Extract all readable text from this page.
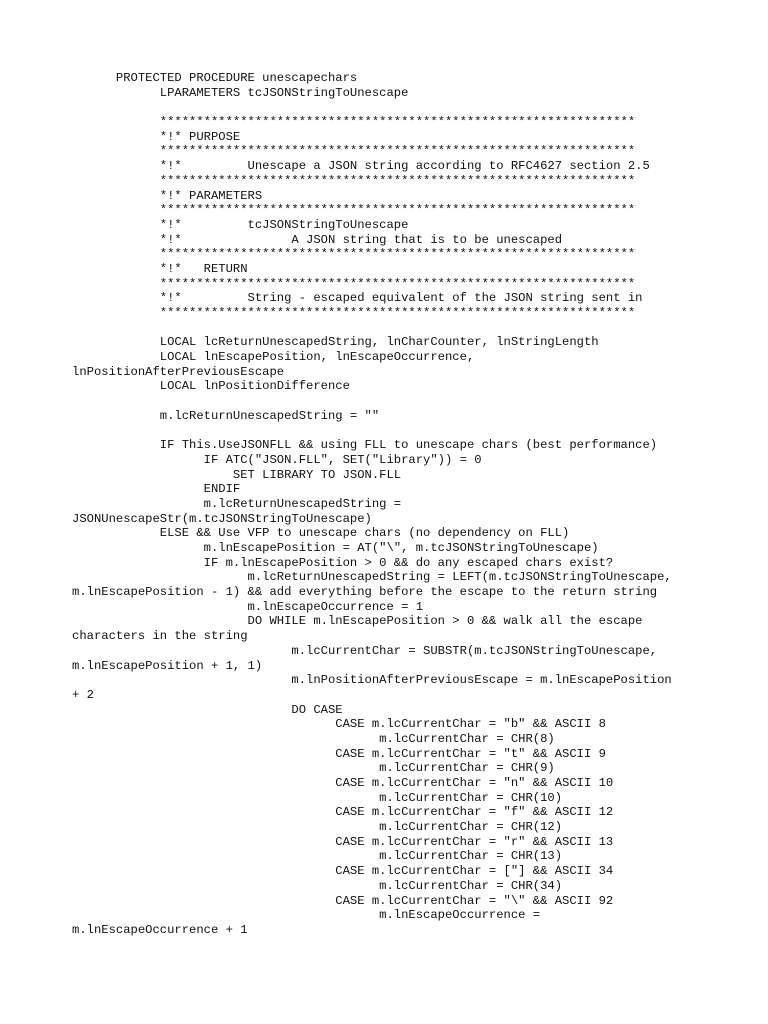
PROTECTED PROCEDURE unescapechars
LPARAMETERS tcJSONStringToUnescape
*****************************************************************
*!* PURPOSE
*****************************************************************
*!*         Unescape a JSON string according to RFC4627 section 2.5
*****************************************************************
*!* PARAMETERS
*****************************************************************
*!*         tcJSONStringToUnescape
*!*               A JSON string that is to be unescaped
*****************************************************************
*!*   RETURN
*****************************************************************
*!*         String - escaped equivalent of the JSON string sent in
*****************************************************************
LOCAL lcReturnUnescapedString, lnCharCounter, lnStringLength
LOCAL lnEscapePosition, lnEscapeOccurrence,
lnPositionAfterPreviousEscape
LOCAL lnPositionDifference
m.lcReturnUnescapedString = ""
IF This.UseJSONFLL && using FLL to unescape chars (best performance)
IF ATC("JSON.FLL", SET("Library")) = 0
SET LIBRARY TO JSON.FLL
ENDIF
m.lcReturnUnescapedString =
JSONUnescapeStr(m.tcJSONStringToUnescape)
ELSE && Use VFP to unescape chars (no dependency on FLL)
m.lnEscapePosition = AT("\", m.tcJSONStringToUnescape)
IF m.lnEscapePosition > 0 && do any escaped chars exist?
m.lcReturnUnescapedString = LEFT(m.tcJSONStringToUnescape,
m.lnEscapePosition - 1) && add everything before the escape to the return string
m.lnEscapeOccurrence = 1
DO WHILE m.lnEscapePosition > 0 && walk all the escape
characters in the string
m.lcCurrentChar = SUBSTR(m.tcJSONStringToUnescape,
m.lnEscapePosition + 1, 1)
m.lnPositionAfterPreviousEscape = m.lnEscapePosition
+ 2
DO CASE
CASE m.lcCurrentChar = "b" && ASCII 8
m.lcCurrentChar = CHR(8)
CASE m.lcCurrentChar = "t" && ASCII 9
m.lcCurrentChar = CHR(9)
CASE m.lcCurrentChar = "n" && ASCII 10
m.lcCurrentChar = CHR(10)
CASE m.lcCurrentChar = "f" && ASCII 12
m.lcCurrentChar = CHR(12)
CASE m.lcCurrentChar = "r" && ASCII 13
m.lcCurrentChar = CHR(13)
CASE m.lcCurrentChar = ["] && ASCII 34
m.lcCurrentChar = CHR(34)
CASE m.lcCurrentChar = "\" && ASCII 92
m.lnEscapeOccurrence =
m.lnEscapeOccurrence + 1
